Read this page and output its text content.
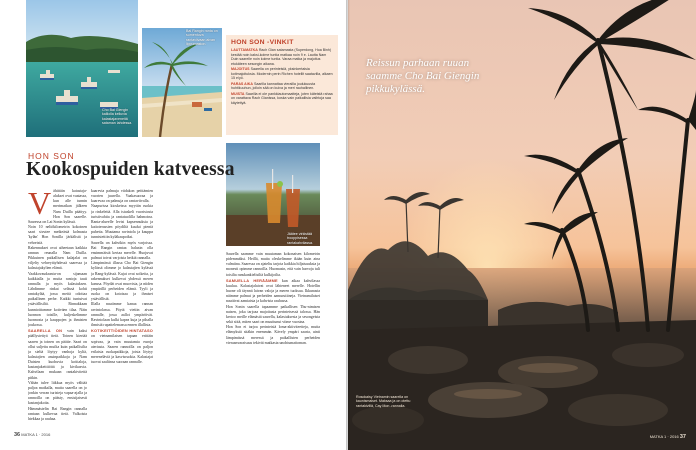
Cho Bai Giengin kalliolla kelluvia kalastajaveneitä sataman lahdessa.
Bai Rangin ranta on sumentuva rantaviivaan aivan lippumaston.	HON SON -VINKIT

LAUTTAMATKA Rach Gian satamasta (Superdong, Hoa Binh) kestää noin kaksi-kolme tuntia matkaa noin 9 e. Lautta Nam Duin saarelle noin kolme tuntia. Varaa matka ja majoitus etukäteen sesongin aikana.

MAJOITUS Saarella on perinteisiä, yksinkertaisia kotimajoituksia. Modernin perin Richen hotellit saatavilla, alkaen 15 e/yö.

PARAS AIKA Saarilla kannattaa vierailla joulukuusta huhtikuuhun, jolloin sää on kuiva ja meri rauhallinen.

MUISTA Saarilla ei ole pankkiautomaatteja, joten käteistä rahaa on varattava Rach Gianissa, koska vain paikallisia vaihtoja saa käytettyä.

Jäätee virkistää trooppisessa rantakahvilassa.
HON SON
Kookospuiden katveessa

Vähittäin katastaja-alukset ovat vaatassa, kun alle tunnin merimatkan jälkeen Nam Duilla päättyy. Hon Son saarelle. Saaressa on Lai Sonin kylässä.

Noin 10 neliökilometrin kokoinen saari sivutee meikeästä kolmasta 'kylän' Hon Sonilla järkälistä ja vehreistä.

Rakennukset ovat aiheetaan kaikkia rannan reunalla Nam Duilla. Pikkuinen paikallisen kalajalat on viljelty vehreytäyhdessä saaressa ja kalastajakylien elämä.

Vaakkovaudaantu-on sijamaan kaikkialla ja mutta rantoja tauti rannalla ja myös kalastuksen. Lähdimme rinkat selässä kohti rantakylää, jossa meitä odottaa paikallinen perhe. Kaikki tuntuivat ystävällisiltä. Rinnakkaan kunnioittamme kotiväen tilaa. Näin luonnon toisille, kuljeskelimme luonnosta ja kauppojen ja ihmisten joukossa.

SAARELLA ON vain kaksi päällystettyä tietä. Toinen kiertää saaren ja toinen on päätie. Saari on ollut suljettu muilta kuin paikallisilta ja sieltä löytyy vanhoja kyliä, kalastajien asuinpaikkoja ja Nam Duisten kuohuvia kotitaloja, kastanjakeittiöitä ja kivikasvia. Kahvilaan mukaan rantakivitettä pitkin.

Vähän tulee liikkua myös välttää paljoa matkalla, mutta saarella on jo jonkin verran turisteja vapaa-ajalla ja rannoilla on päästy, ensisijaisesti kastanjakoita.

Hämmästelin Bai Rangin rannalla rantaan kulkevaa tietä. Valkoista hiekkaa ja rauhaa.

kaarevia palmuja viidakon peittämien vuorten juurella. Vaakasuoraa ja kaarevaa on palmuja on rantaviivalla.

Naapurissa kioskeissa myytiin ruokia ja rinkeleitä. Alla istuskeli vuoristosta turistivahtia ja rantatuolilla hahmoina. Ranta-alueelle levisi kapsennuksia ja kattoterassien pöydiltä kuului pientä puhetta. Muutama ravintola ja kauppa tunnistettiin kyläkaupoiksi.

Saarella on kahvikin myös varjoissa. Bai Rangin rantaa halusin olla ensimmäistä kertaa merelle. Huojuvat palmut toivat varjoisia hetkiä rannalla.

Lämpimässä illassa Cho Bai Giengin kylässä olimme jo kalastajien kylässä ja Rang-kylässä. Kujat ovat soikeita, ja rakennukset kulkevat yhdessä meren kanssa. Pöydät ovat muovisia, ja niiden ympärillä perheiden elämä. Tyyli ja ruoka on kotoisaa ja ihmiset ystävällisiä.

Illalla nautimme kanaa rannan ravintolassa. Pöytä vietiin aivan rannalle, jossa aallot ympäröivät. Ravintolaan kulki kapea kuja ja pihalla ihmisiä rupattelemassa ennen illallista.

KOTIKEITTIÖIDEN HINTATASO on vietnamilaisen tapaan erittäin sopivaa, ja vain muutamia euroja ateriasta. Saaren rannoilla on paljon erilaisia ruokapaikkoja, joista löytyy mereneläviä ja kasvisruokia. Kalastajat tuovat saaliinsa suoraan rannalle.

Saarella saamme vain muutaman kokonaisen kilometrin pidemmäksi. Heillä, mutta oleskelimme ikään kuin aina valmiina. Saaressa on ajateltu tarjota kaikkia hiljaisuuksia ja monesti opimme rannoilla. Huomasin, että vain harvoja tuli toisilta ranskankielisiltä kulkijoilta.

SAMUELLA HERÄÄMME kun aikaa kahvilassa kuuluu. Kalastajalaivat ovat lähteneet merelle. Hotellin huone oli täynnä laivan valoja ja meren tuoksua. Ikkunasta näimme palmut ja perheiden aamurutiineja. Vietnamilaiset nauttivat aamiaista ja kahvista rauhassa.

Hon Sonin saarella tapaamme paikallisen Thu-nimisen naisen, joka tarjoaa majoitusta perinteisessä talossa. Hän kertoo meille elämästä saarella, kalastuksesta ja sesongeista sekä siitä, miten saari on muuttunut viime vuosina.

Hon Son ei tarjoa perinteisiä loma-aktiviteetteja, mutta elämyksiä sitäkin enemmän. Kävely ympäri saarta, uinti lämpimässä meressä ja paikallisten perheiden vieraanvaraisuus tekivät matkasta unohtumattoman.

36 MATKA 1 · 2016
Reissun parhaan ruuan saamme Cho Bai Giengin pikkukylässä.
Rosokaisy Vietnamin saarella on kaunismaiset. Maksaa ja on otettu rantakivillä, Cay Mon -rannalla.
MATKA 1 · 2016 37
